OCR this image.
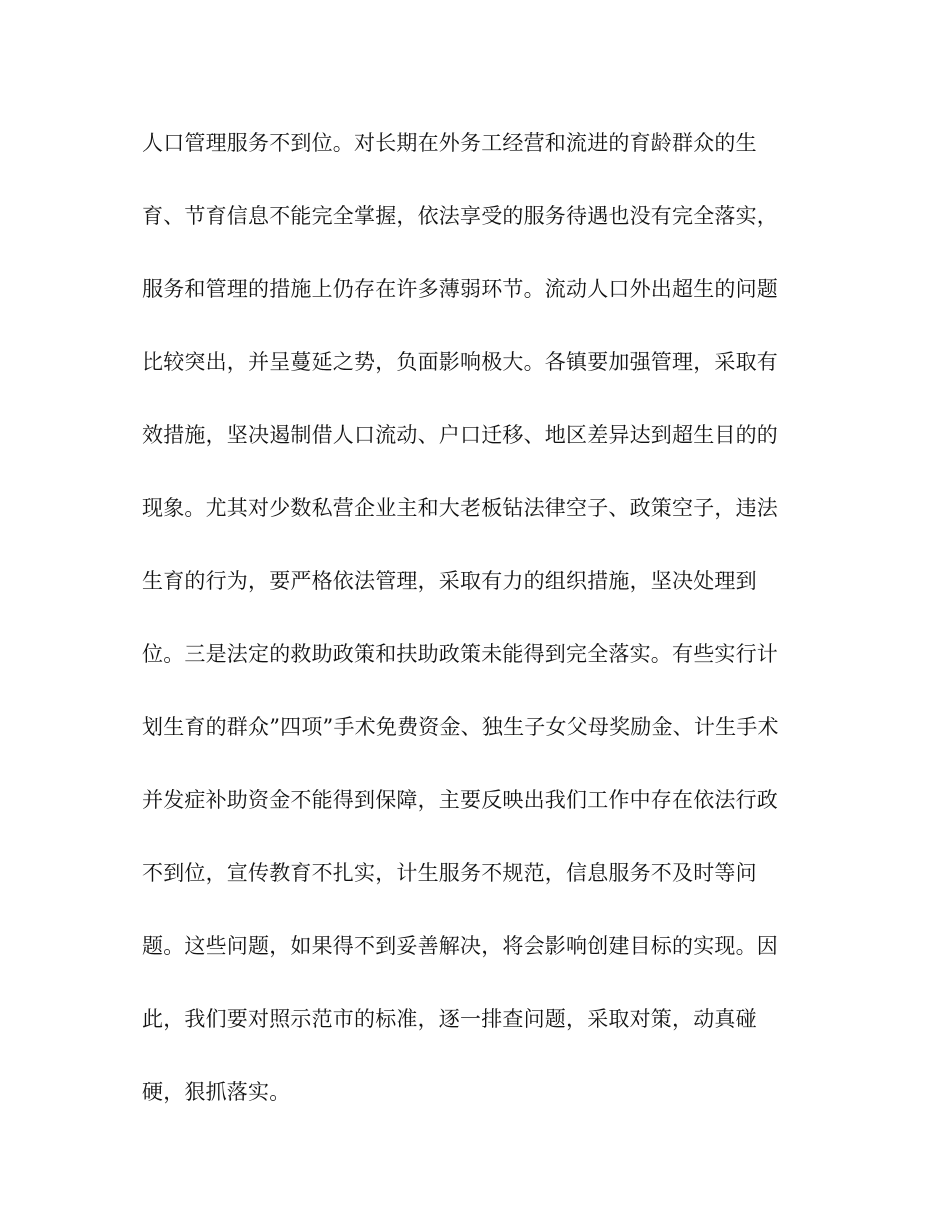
人口管理服务不到位。对长期在外务工经营和流进的育龄群众的生
育、节育信息不能完全掌握，依法享受的服务待遇也没有完全落实，
服务和管理的措施上仍存在许多薄弱环节。流动人口外出超生的问题
比较突出，并呈蔓延之势，负面影响极大。各镇要加强管理，采取有
效措施，坚决遏制借人口流动、户口迁移、地区差异达到超生目的的
现象。尤其对少数私营企业主和大老板钻法律空子、政策空子，违法
生育的行为，要严格依法管理，采取有力的组织措施，坚决处理到
位。三是法定的救助政策和扶助政策未能得到完全落实。有些实行计
划生育的群众”四项”手术免费资金、独生子女父母奖励金、计生手术
并发症补助资金不能得到保障，主要反映出我们工作中存在依法行政
不到位，宣传教育不扎实，计生服务不规范，信息服务不及时等问
题。这些问题，如果得不到妥善解决，将会影响创建目标的实现。因
此，我们要对照示范市的标准，逐一排查问题，采取对策，动真碰
硬，狠抓落实。
